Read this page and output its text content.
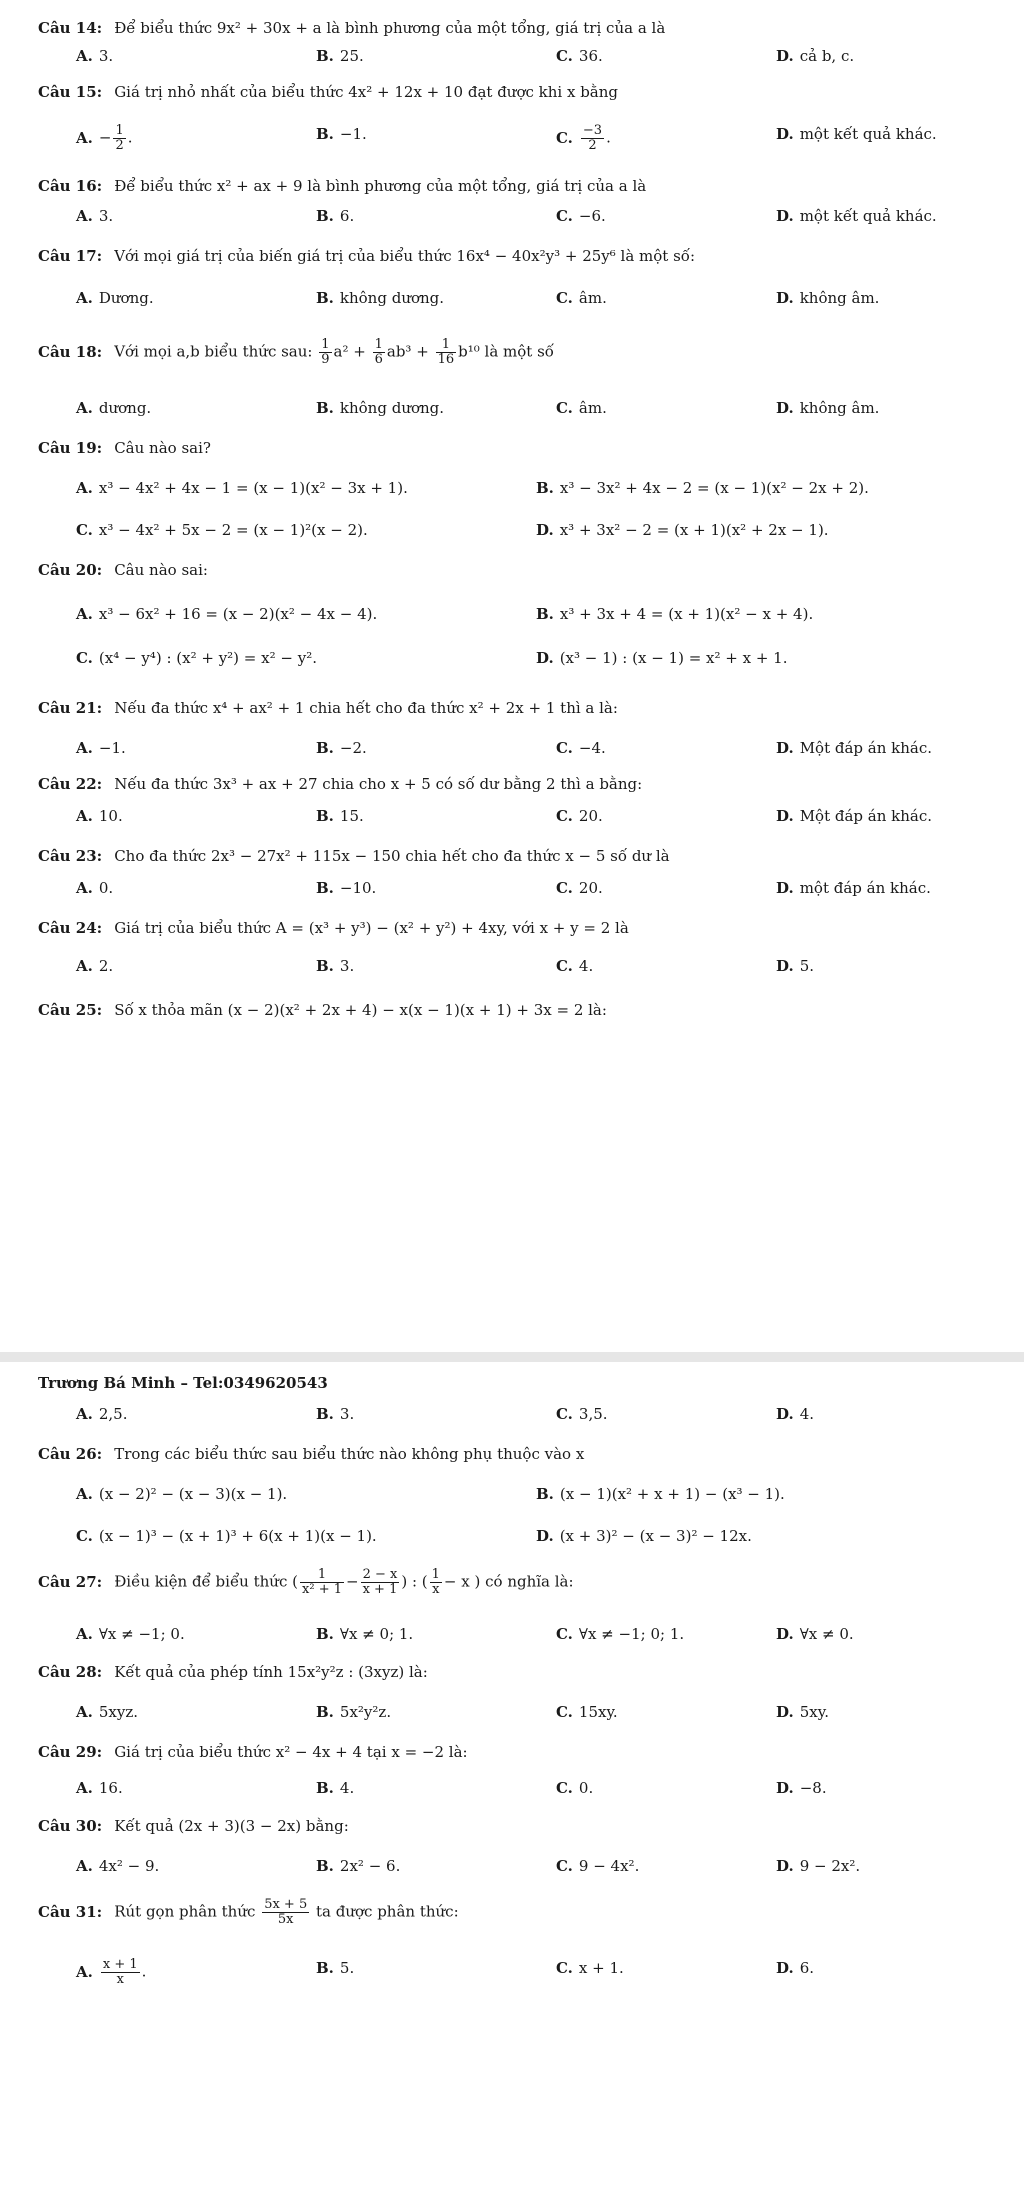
Câu 14: Để biểu thức 9x² + 30x + a là bình phương của một tổng, giá trị của a là
A. 3.	B. 25.	C. 36.	D. cả b, c.
Câu 15: Giá trị nhỏ nhất của biểu thức 4x² + 12x + 10 đạt được khi x bằng
A. − $\frac{1}{2}$ .	B. −1.	C. $\frac{-3}{2}$ .	D. một kết quả khác.
Câu 16: Để biểu thức x² + ax + 9 là bình phương của một tổng, giá trị của a là
A. 3.	B. 6.	C. −6.	D. một kết quả khác.
Câu 17: Với mọi giá trị của biến giá trị của biểu thức 16x⁴ − 40x²y³ + 25y⁶ là một số:
A. Dương.	B. không dương.	C. âm.	D. không âm.
Câu 18: Với mọi a,b biểu thức sau: $\frac{1}{9} a^2 + \frac{1}{6} ab^3 + \frac{1}{16} b^{10}$ là một số
A. dương.	B. không dương.	C. âm.	D. không âm.
Câu 19: Câu nào sai?
A. x³ − 4x² + 4x − 1 = (x − 1)(x² − 3x + 1).	B. x³ − 3x² + 4x − 2 = (x − 1)(x² − 2x + 2).
C. x³ − 4x² + 5x − 2 = (x − 1)²(x − 2).	D. x³ + 3x² − 2 = (x + 1)(x² + 2x − 1).
Câu 20: Câu nào sai:
A. x³ − 6x² + 16 = (x − 2)(x² − 4x − 4).	B. x³ + 3x + 4 = (x + 1)(x² − x + 4).
C. (x⁴ − y⁴) : (x² + y²) = x² − y².	D. (x³ − 1) : (x − 1) = x² + x + 1.
Câu 21: Nếu đa thức x⁴ + ax² + 1 chia hết cho đa thức x² + 2x + 1 thì a là:
A. −1.	B. −2.	C. −4.	D. Một đáp án khác.
Câu 22: Nếu đa thức 3x³ + ax + 27 chia cho x + 5 có số dư bằng 2 thì a bằng:
A. 10.	B. 15.	C. 20.	D. Một đáp án khác.
Câu 23: Cho đa thức 2x³ − 27x² + 115x − 150 chia hết cho đa thức x − 5 số dư là
A. 0.	B. −10.	C. 20.	D. một đáp án khác.
Câu 24: Giá trị của biểu thức A = (x³ + y³) − (x² + y²) + 4xy, với x + y = 2 là
A. 2.	B. 3.	C. 4.	D. 5.
Câu 25: Số x thỏa mãn (x − 2)(x² + 2x + 4) − x(x − 1)(x + 1) + 3x = 2 là:
Trương Bá Minh – Tel:0349620543
A. 2,5.	B. 3.	C. 3,5.	D. 4.
Câu 26: Trong các biểu thức sau biểu thức nào không phụ thuộc vào x
A. (x − 2)² − (x − 3)(x − 1).	B. (x − 1)(x² + x + 1) − (x³ − 1).
C. (x − 1)³ − (x + 1)³ + 6(x + 1)(x − 1).	D. (x + 3)² − (x − 3)² − 12x.
Câu 27: Điều kiện để biểu thức ( $\frac{1}{\text{x² + 1}} - \frac{2 - x}{x + 1}$ ) : ( $\frac{1}{x} - x$ ) có nghĩa là:
A. ∀x ≠ −1; 0.	B. ∀x ≠ 0; 1.	C. ∀x ≠ −1; 0; 1.	D. ∀x ≠ 0.
Câu 28: Kết quả của phép tính 15x²y²z : (3xyz) là:
A. 5xyz.	B. 5x²y²z.	C. 15xy.	D. 5xy.
Câu 29: Giá trị của biểu thức x² − 4x + 4 tại x = −2 là:
A. 16.	B. 4.	C. 0.	D. −8.
Câu 30: Kết quả (2x + 3)(3 − 2x) bằng:
A. 4x² − 9.	B. 2x² − 6.	C. 9 − 4x².	D. 9 − 2x².
Câu 31: Rút gọn phân thức $\frac{5x + 5}{5x}$ ta được phân thức:
A. $\frac{x + 1}{x}$ .	B. 5.	C. x + 1.	D. 6.
